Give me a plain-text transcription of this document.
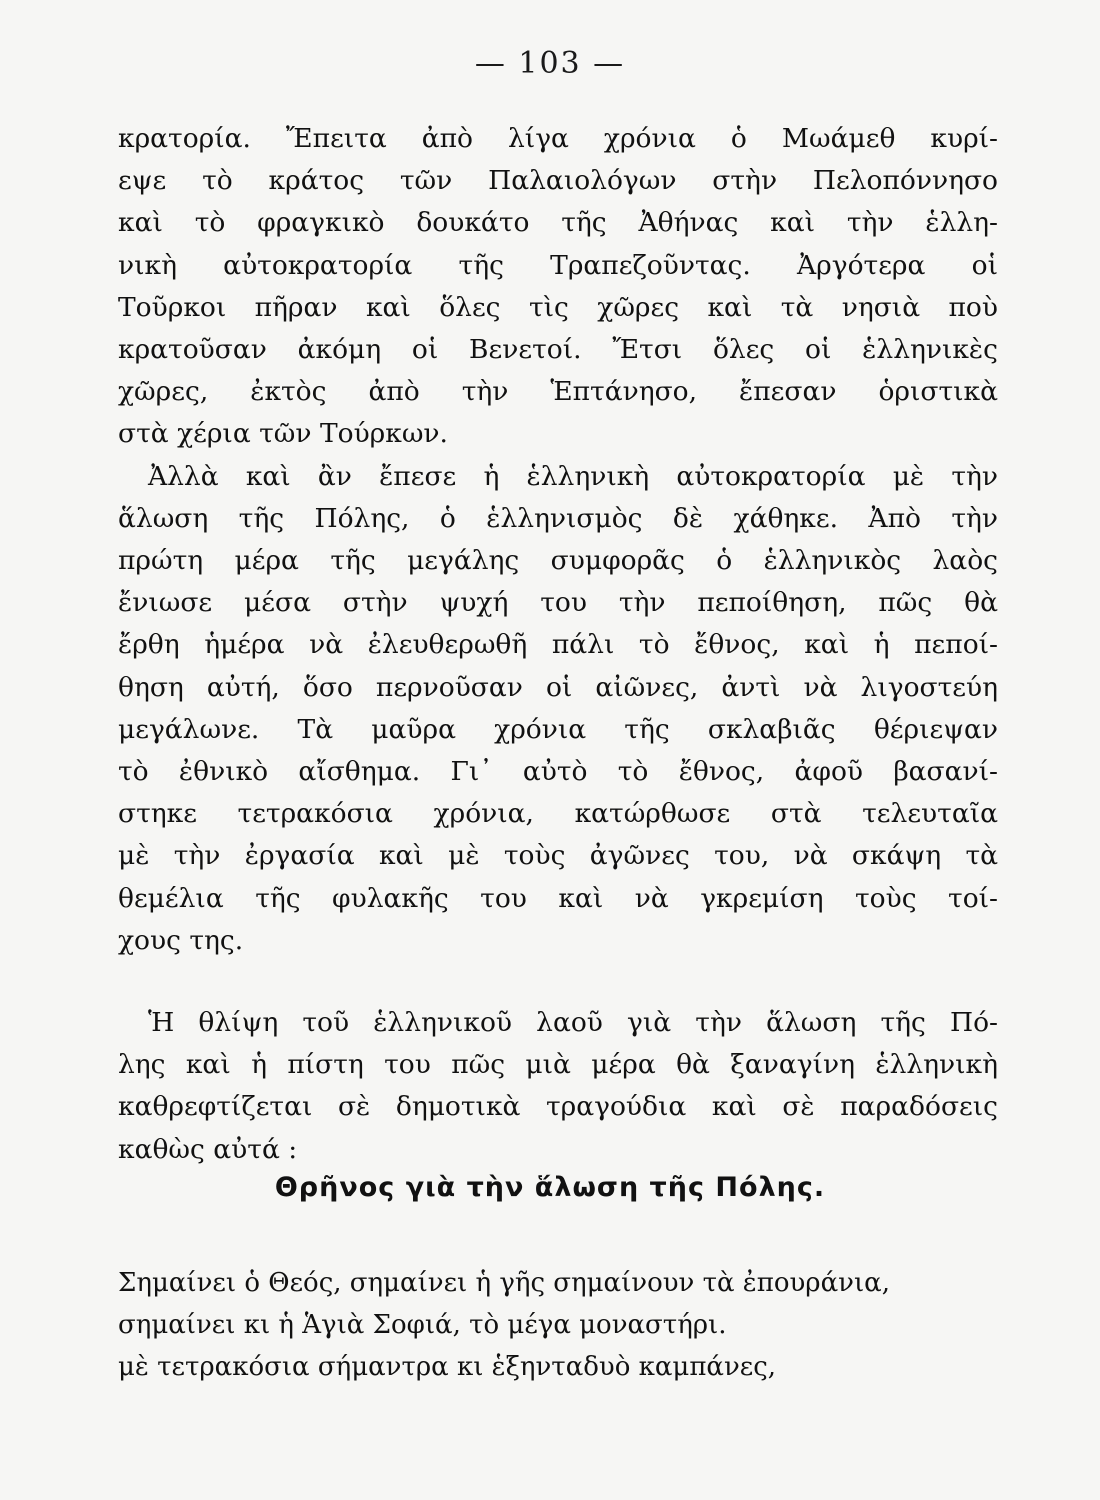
— 103 —
κρατορία. Ἔπειτα ἀπὸ λίγα χρόνια ὁ Μωάμεθ κυρί-
εψε τὸ κράτος τῶν Παλαιολόγων στὴν Πελοπόννησο
καὶ τὸ φραγκικὸ δουκάτο τῆς Ἀθήνας καὶ τὴν ἑλλη-
νικὴ αὐτοκρατορία τῆς Τραπεζοῦντας. Ἀργότερα οἱ
Τοῦρκοι πῆραν καὶ ὅλες τὶς χῶρες καὶ τὰ νησιὰ ποὺ
κρατοῦσαν ἀκόμη οἱ Βενετοί. Ἔτσι ὅλες οἱ ἑλληνικὲς
χῶρες, ἐκτὸς ἀπὸ τὴν Ἑπτάνησο, ἔπεσαν ὁριστικὰ
στὰ χέρια τῶν Τούρκων.
Ἀλλὰ καὶ ἂν ἔπεσε ἡ ἑλληνικὴ αὐτοκρατορία μὲ τὴν
ἅλωση τῆς Πόλης, ὁ ἑλληνισμὸς δὲ χάθηκε. Ἀπὸ τὴν
πρώτη μέρα τῆς μεγάλης συμφορᾶς ὁ ἑλληνικὸς λαὸς
ἔνιωσε μέσα στὴν ψυχή του τὴν πεποίθηση, πῶς θὰ
ἔρθη ἡμέρα νὰ ἐλευθερωθῆ πάλι τὸ ἔθνος, καὶ ἡ πεποί-
θηση αὐτή, ὅσο περνοῦσαν οἱ αἰῶνες, ἀντὶ νὰ λιγοστεύη
μεγάλωνε. Τὰ μαῦρα χρόνια τῆς σκλαβιᾶς θέριεψαν
τὸ ἐθνικὸ αἴσθημα. Γι᾿ αὐτὸ τὸ ἔθνος, ἀφοῦ βασανί-
στηκε τετρακόσια χρόνια, κατώρθωσε στὰ τελευταῖα
μὲ τὴν ἐργασία καὶ μὲ τοὺς ἀγῶνες του, νὰ σκάψη τὰ
θεμέλια τῆς φυλακῆς του καὶ νὰ γκρεμίση τοὺς τοί-
χους της.
Ἡ θλίψη τοῦ ἑλληνικοῦ λαοῦ γιὰ τὴν ἅλωση τῆς Πό-
λης καὶ ἡ πίστη του πῶς μιὰ μέρα θὰ ξαναγίνη ἑλληνικὴ
καθρεφτίζεται σὲ δημοτικὰ τραγούδια καὶ σὲ παραδόσεις
καθὼς αὐτά :
Θρῆνος γιὰ τὴν ἅλωση τῆς Πόλης.
Σημαίνει ὁ Θεός, σημαίνει ἡ γῆς σημαίνουν τὰ ἐπουράνια,
σημαίνει κι ἡ Ἁγιὰ Σοφιά, τὸ μέγα μοναστήρι.
μὲ τετρακόσια σήμαντρα κι ἑξηνταδυὸ καμπάνες,
